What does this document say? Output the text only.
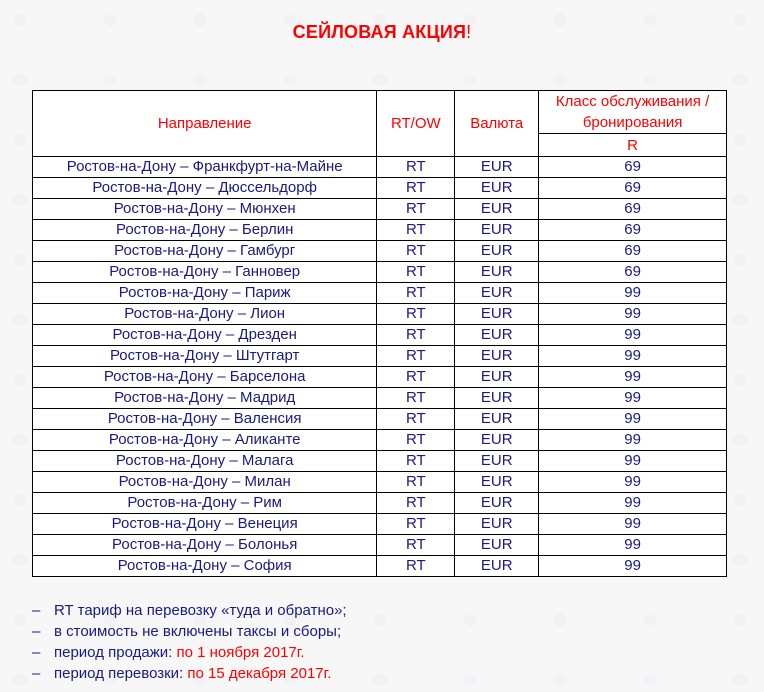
СЕЙЛОВАЯ АКЦИЯ!
Направление	RT/OW	Валюта	Класс обслуживания / бронирования
			R
Ростов-на-Дону – Франкфурт-на-Майне	RT	EUR	69
Ростов-на-Дону – Дюссельдорф	RT	EUR	69
Ростов-на-Дону – Мюнхен	RT	EUR	69
Ростов-на-Дону – Берлин	RT	EUR	69
Ростов-на-Дону – Гамбург	RT	EUR	69
Ростов-на-Дону – Ганновер	RT	EUR	69
Ростов-на-Дону – Париж	RT	EUR	99
Ростов-на-Дону – Лион	RT	EUR	99
Ростов-на-Дону – Дрезден	RT	EUR	99
Ростов-на-Дону – Штутгарт	RT	EUR	99
Ростов-на-Дону – Барселона	RT	EUR	99
Ростов-на-Дону – Мадрид	RT	EUR	99
Ростов-на-Дону – Валенсия	RT	EUR	99
Ростов-на-Дону – Аликанте	RT	EUR	99
Ростов-на-Дону – Малага	RT	EUR	99
Ростов-на-Дону – Милан	RT	EUR	99
Ростов-на-Дону – Рим	RT	EUR	99
Ростов-на-Дону – Венеция	RT	EUR	99
Ростов-на-Дону – Болонья	RT	EUR	99
Ростов-на-Дону – София	RT	EUR	99
– RT тариф на перевозку «туда и обратно»;
– в стоимость не включены таксы и сборы;
– период продажи: по 1 ноября 2017г.
– период перевозки: по 15 декабря 2017г.
